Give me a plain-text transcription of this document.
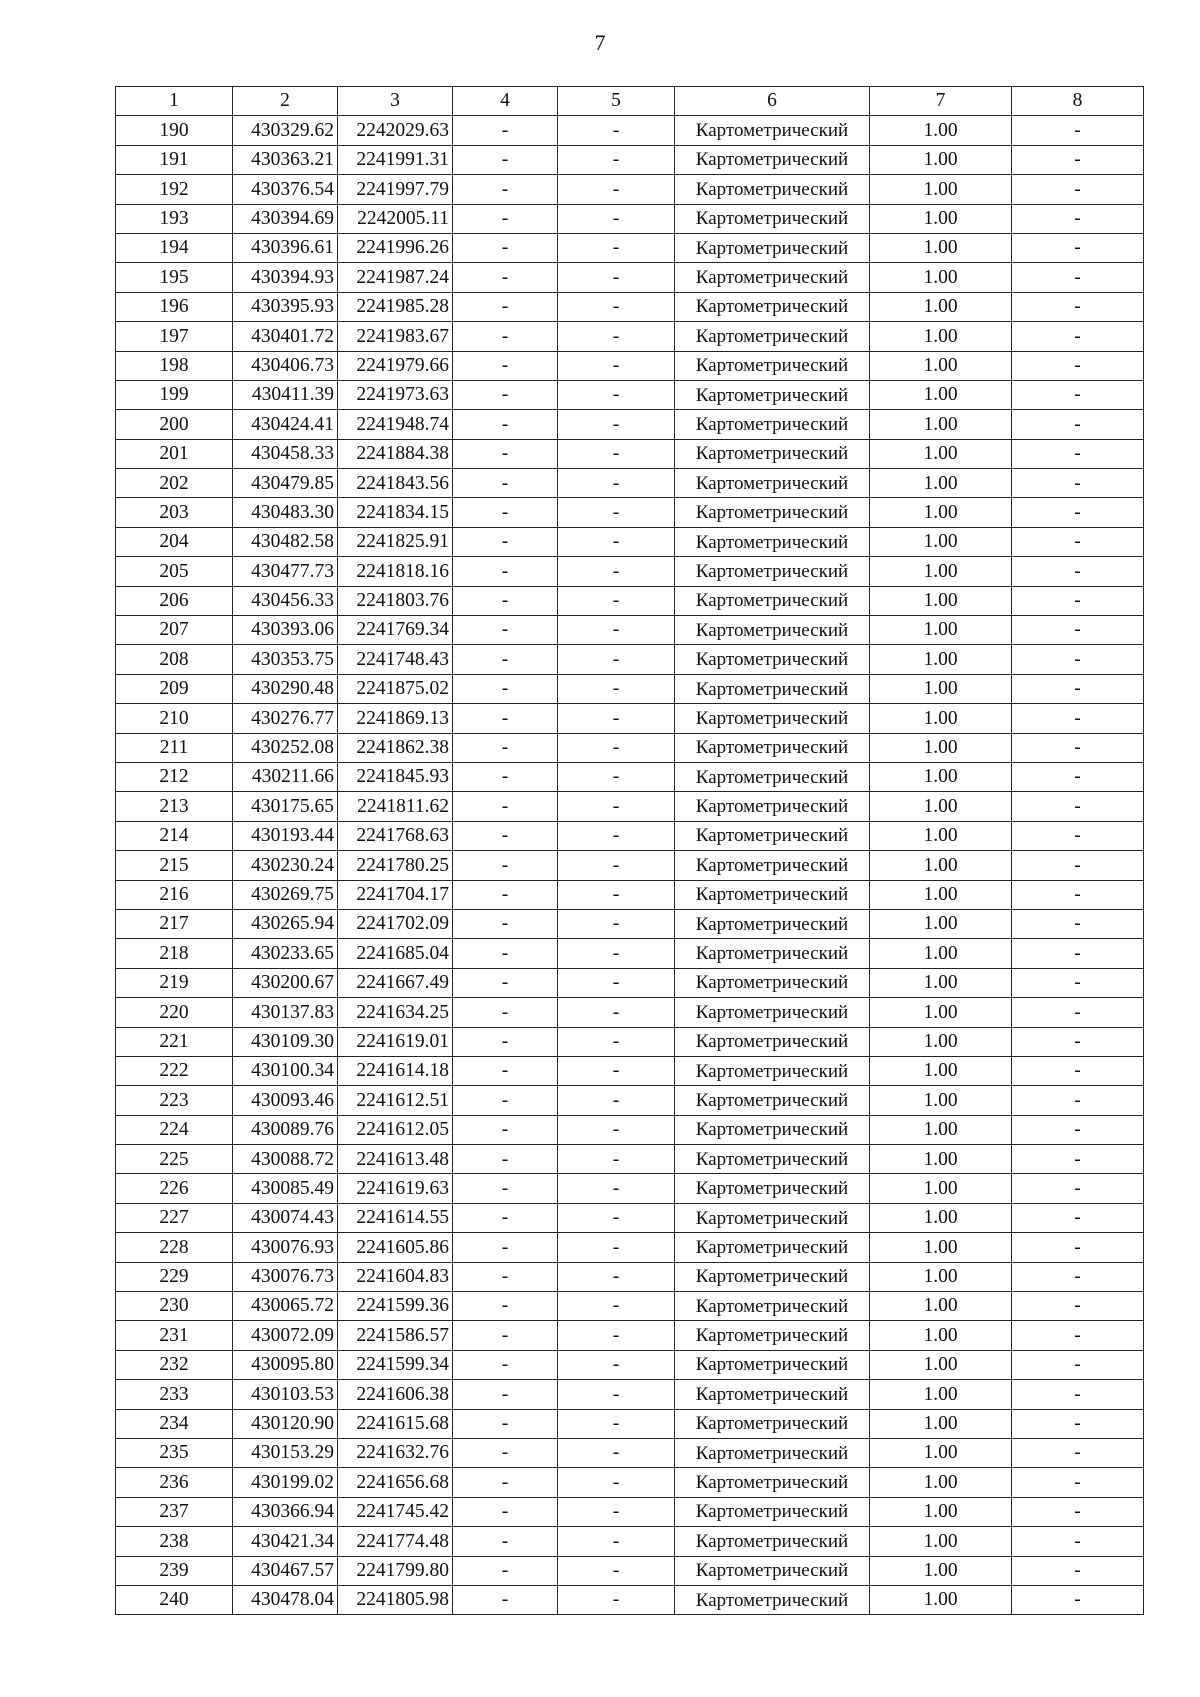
7
1	2	3	4	5	6	7	8
190	430329.62	2242029.63	-	-	Картометрический	1.00	-
191	430363.21	2241991.31	-	-	Картометрический	1.00	-
192	430376.54	2241997.79	-	-	Картометрический	1.00	-
193	430394.69	2242005.11	-	-	Картометрический	1.00	-
194	430396.61	2241996.26	-	-	Картометрический	1.00	-
195	430394.93	2241987.24	-	-	Картометрический	1.00	-
196	430395.93	2241985.28	-	-	Картометрический	1.00	-
197	430401.72	2241983.67	-	-	Картометрический	1.00	-
198	430406.73	2241979.66	-	-	Картометрический	1.00	-
199	430411.39	2241973.63	-	-	Картометрический	1.00	-
200	430424.41	2241948.74	-	-	Картометрический	1.00	-
201	430458.33	2241884.38	-	-	Картометрический	1.00	-
202	430479.85	2241843.56	-	-	Картометрический	1.00	-
203	430483.30	2241834.15	-	-	Картометрический	1.00	-
204	430482.58	2241825.91	-	-	Картометрический	1.00	-
205	430477.73	2241818.16	-	-	Картометрический	1.00	-
206	430456.33	2241803.76	-	-	Картометрический	1.00	-
207	430393.06	2241769.34	-	-	Картометрический	1.00	-
208	430353.75	2241748.43	-	-	Картометрический	1.00	-
209	430290.48	2241875.02	-	-	Картометрический	1.00	-
210	430276.77	2241869.13	-	-	Картометрический	1.00	-
211	430252.08	2241862.38	-	-	Картометрический	1.00	-
212	430211.66	2241845.93	-	-	Картометрический	1.00	-
213	430175.65	2241811.62	-	-	Картометрический	1.00	-
214	430193.44	2241768.63	-	-	Картометрический	1.00	-
215	430230.24	2241780.25	-	-	Картометрический	1.00	-
216	430269.75	2241704.17	-	-	Картометрический	1.00	-
217	430265.94	2241702.09	-	-	Картометрический	1.00	-
218	430233.65	2241685.04	-	-	Картометрический	1.00	-
219	430200.67	2241667.49	-	-	Картометрический	1.00	-
220	430137.83	2241634.25	-	-	Картометрический	1.00	-
221	430109.30	2241619.01	-	-	Картометрический	1.00	-
222	430100.34	2241614.18	-	-	Картометрический	1.00	-
223	430093.46	2241612.51	-	-	Картометрический	1.00	-
224	430089.76	2241612.05	-	-	Картометрический	1.00	-
225	430088.72	2241613.48	-	-	Картометрический	1.00	-
226	430085.49	2241619.63	-	-	Картометрический	1.00	-
227	430074.43	2241614.55	-	-	Картометрический	1.00	-
228	430076.93	2241605.86	-	-	Картометрический	1.00	-
229	430076.73	2241604.83	-	-	Картометрический	1.00	-
230	430065.72	2241599.36	-	-	Картометрический	1.00	-
231	430072.09	2241586.57	-	-	Картометрический	1.00	-
232	430095.80	2241599.34	-	-	Картометрический	1.00	-
233	430103.53	2241606.38	-	-	Картометрический	1.00	-
234	430120.90	2241615.68	-	-	Картометрический	1.00	-
235	430153.29	2241632.76	-	-	Картометрический	1.00	-
236	430199.02	2241656.68	-	-	Картометрический	1.00	-
237	430366.94	2241745.42	-	-	Картометрический	1.00	-
238	430421.34	2241774.48	-	-	Картометрический	1.00	-
239	430467.57	2241799.80	-	-	Картометрический	1.00	-
240	430478.04	2241805.98	-	-	Картометрический	1.00	-
